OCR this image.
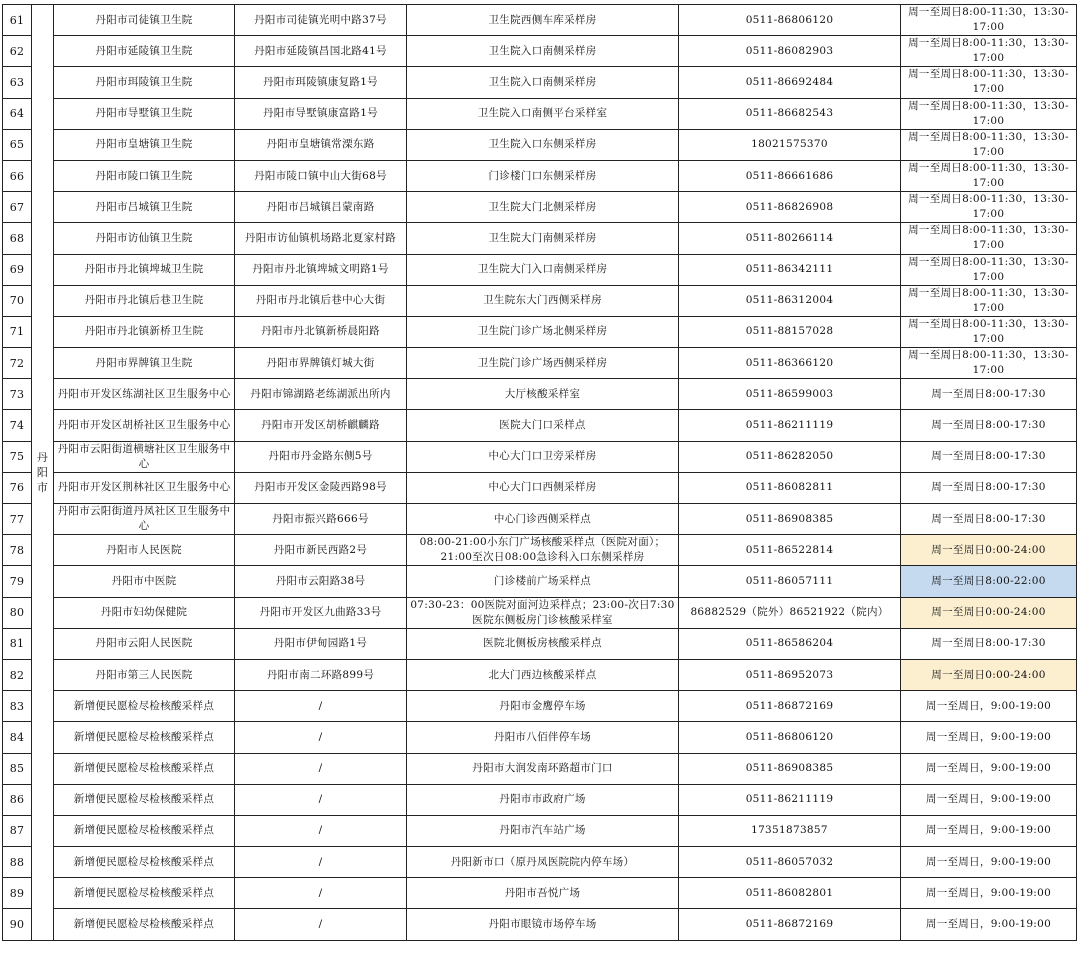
61	丹阳市	丹阳市司徒镇卫生院	丹阳市司徒镇光明中路37号	卫生院西侧车库采样房	0511-86806120	周一至周日8:00-11:30，13:30-17:00
62		丹阳市延陵镇卫生院	丹阳市延陵镇昌国北路41号	卫生院入口南侧采样房	0511-86082903	周一至周日8:00-11:30，13:30-17:00
63		丹阳市珥陵镇卫生院	丹阳市珥陵镇康复路1号	卫生院入口南侧采样房	0511-86692484	周一至周日8:00-11:30，13:30-17:00
64		丹阳市导墅镇卫生院	丹阳市导墅镇康富路1号	卫生院入口南侧平台采样室	0511-86682543	周一至周日8:00-11:30，13:30-17:00
65		丹阳市皇塘镇卫生院	丹阳市皇塘镇常溧东路	卫生院入口东侧采样房	18021575370	周一至周日8:00-11:30，13:30-17:00
66		丹阳市陵口镇卫生院	丹阳市陵口镇中山大街68号	门诊楼门口东侧采样房	0511-86661686	周一至周日8:00-11:30，13:30-17:00
67		丹阳市吕城镇卫生院	丹阳市吕城镇吕蒙南路	卫生院大门北侧采样房	0511-86826908	周一至周日8:00-11:30，13:30-17:00
68		丹阳市访仙镇卫生院	丹阳市访仙镇机场路北夏家村路	卫生院大门南侧采样房	0511-80266114	周一至周日8:00-11:30，13:30-17:00
69		丹阳市丹北镇埤城卫生院	丹阳市丹北镇埤城文明路1号	卫生院大门入口南侧采样房	0511-86342111	周一至周日8:00-11:30，13:30-17:00
70		丹阳市丹北镇后巷卫生院	丹阳市丹北镇后巷中心大街	卫生院东大门西侧采样房	0511-86312004	周一至周日8:00-11:30，13:30-17:00
71		丹阳市丹北镇新桥卫生院	丹阳市丹北镇新桥晨阳路	卫生院门诊广场北侧采样房	0511-88157028	周一至周日8:00-11:30，13:30-17:00
72		丹阳市界牌镇卫生院	丹阳市界牌镇灯城大街	卫生院门诊广场西侧采样房	0511-86366120	周一至周日8:00-11:30，13:30-17:00
73		丹阳市开发区练湖社区卫生服务中心	丹阳市锦湖路老练湖派出所内	大厅核酸采样室	0511-86599003	周一至周日8:00-17:30
74		丹阳市开发区胡桥社区卫生服务中心	丹阳市开发区胡桥麒麟路	医院大门口采样点	0511-86211119	周一至周日8:00-17:30
75		丹阳市云阳街道横塘社区卫生服务中心	丹阳市丹金路东侧5号	中心大门口卫旁采样房	0511-86282050	周一至周日8:00-17:30
76		丹阳市开发区荆林社区卫生服务中心	丹阳市开发区金陵西路98号	中心大门口西侧采样房	0511-86082811	周一至周日8:00-17:30
77		丹阳市云阳街道丹凤社区卫生服务中心	丹阳市振兴路666号	中心门诊西侧采样点	0511-86908385	周一至周日8:00-17:30
78		丹阳市人民医院	丹阳市新民西路2号	08:00-21:00小东门广场核酸采样点（医院对面）；21:00至次日08:00急诊科入口东侧采样房	0511-86522814	周一至周日0:00-24:00
79		丹阳市中医院	丹阳市云阳路38号	门诊楼前广场采样点	0511-86057111	周一至周日8:00-22:00
80		丹阳市妇幼保健院	丹阳市开发区九曲路33号	07:30-23：00医院对面河边采样点；23:00-次日7:30医院东侧板房门诊核酸采样室	86882529（院外）86521922（院内）	周一至周日0:00-24:00
81		丹阳市云阳人民医院	丹阳市伊甸园路1号	医院北侧板房核酸采样点	0511-86586204	周一至周日8:00-17:30
82		丹阳市第三人民医院	丹阳市南二环路899号	北大门西边核酸采样点	0511-86952073	周一至周日0:00-24:00
83		新增便民愿检尽检核酸采样点	/	丹阳市金鹰停车场	0511-86872169	周一至周日，9:00-19:00
84		新增便民愿检尽检核酸采样点	/	丹阳市八佰伴停车场	0511-86806120	周一至周日，9:00-19:00
85		新增便民愿检尽检核酸采样点	/	丹阳市大润发南环路超市门口	0511-86908385	周一至周日，9:00-19:00
86		新增便民愿检尽检核酸采样点	/	丹阳市市政府广场	0511-86211119	周一至周日，9:00-19:00
87		新增便民愿检尽检核酸采样点	/	丹阳市汽车站广场	17351873857	周一至周日，9:00-19:00
88		新增便民愿检尽检核酸采样点	/	丹阳新市口（原丹凤医院院内停车场）	0511-86057032	周一至周日，9:00-19:00
89		新增便民愿检尽检核酸采样点	/	丹阳市吾悦广场	0511-86082801	周一至周日，9:00-19:00
90		新增便民愿检尽检核酸采样点	/	丹阳市眼镜市场停车场	0511-86872169	周一至周日，9:00-19:00
